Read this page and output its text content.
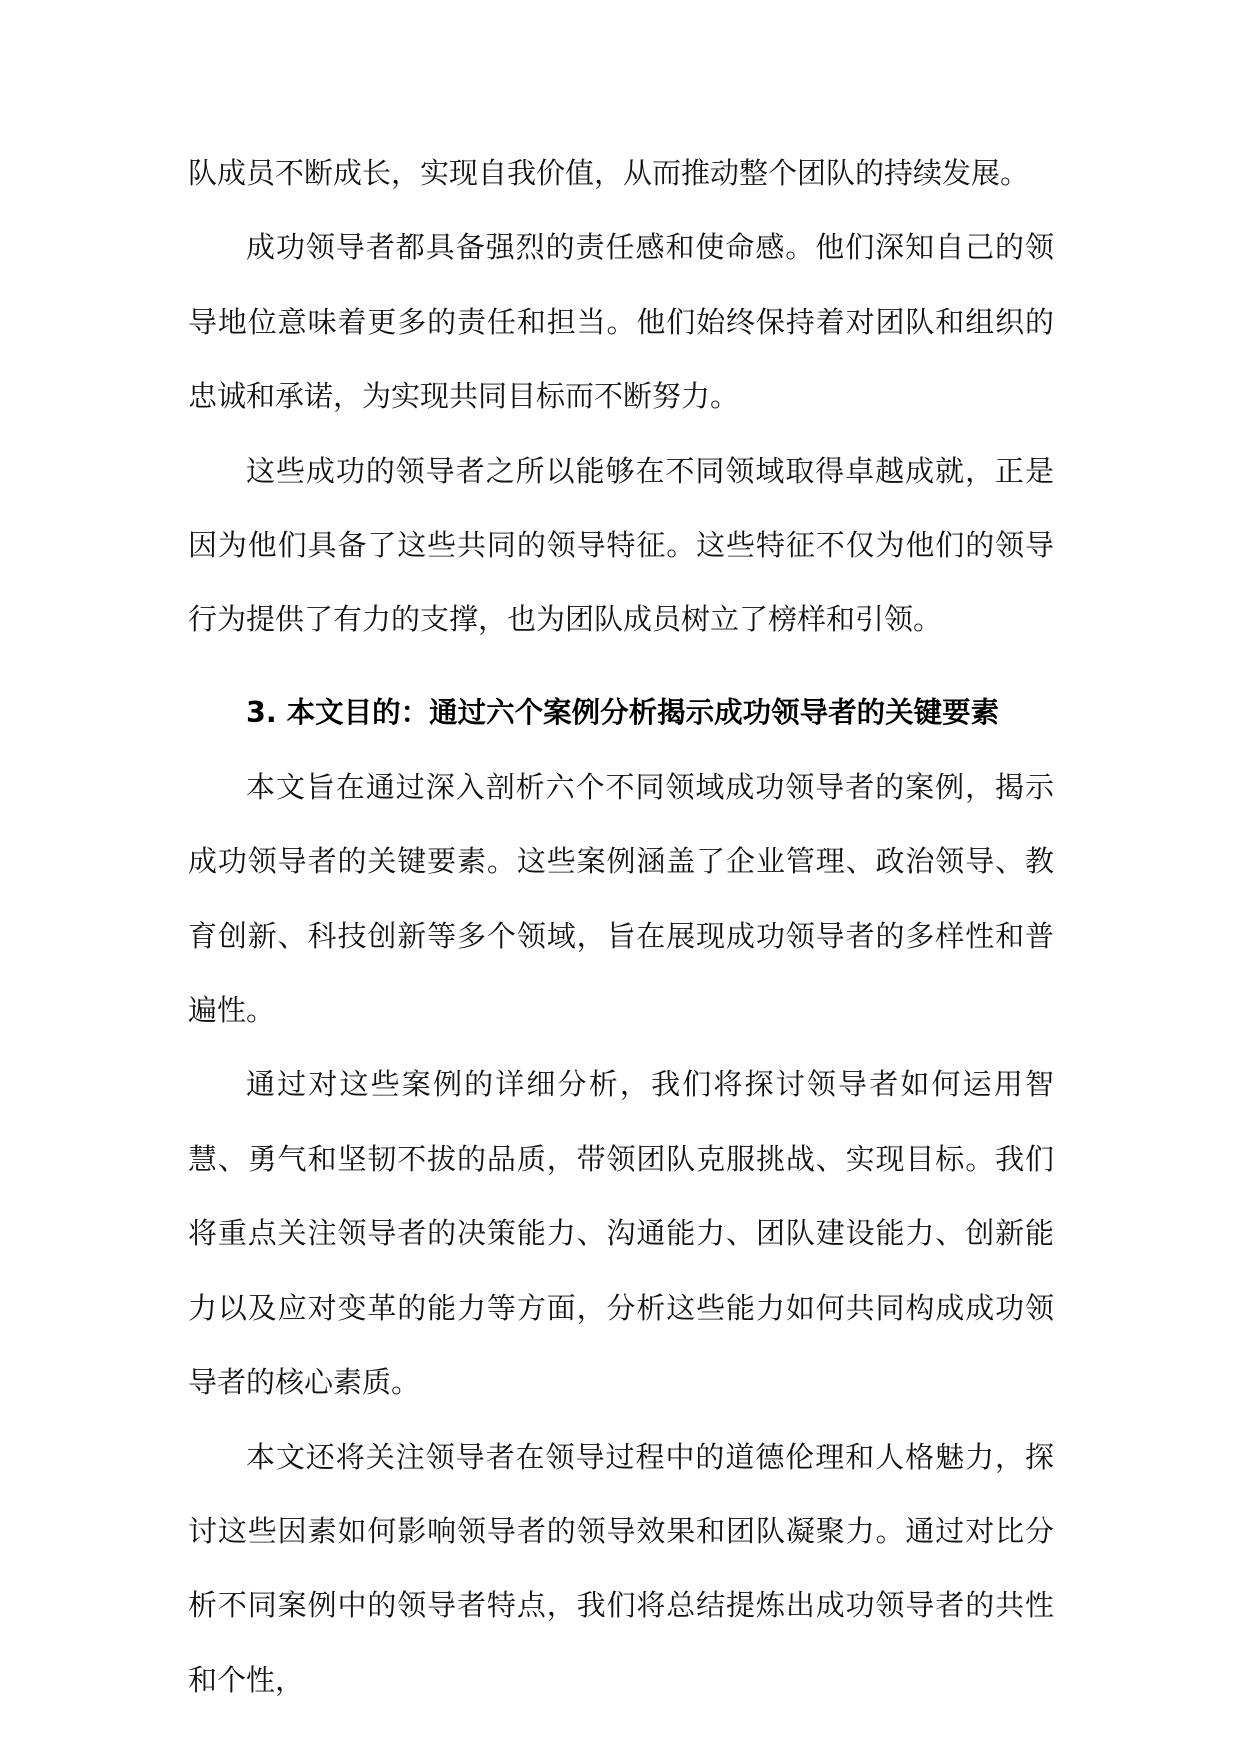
队成员不断成长，实现自我价值，从而推动整个团队的持续发展。

成功领导者都具备强烈的责任感和使命感。他们深知自己的领导地位意味着更多的责任和担当。他们始终保持着对团队和组织的忠诚和承诺，为实现共同目标而不断努力。

这些成功的领导者之所以能够在不同领域取得卓越成就，正是因为他们具备了这些共同的领导特征。这些特征不仅为他们的领导行为提供了有力的支撑，也为团队成员树立了榜样和引领。

3. 本文目的：通过六个案例分析揭示成功领导者的关键要素

本文旨在通过深入剖析六个不同领域成功领导者的案例，揭示成功领导者的关键要素。这些案例涵盖了企业管理、政治领导、教育创新、科技创新等多个领域，旨在展现成功领导者的多样性和普遍性。

通过对这些案例的详细分析，我们将探讨领导者如何运用智慧、勇气和坚韧不拔的品质，带领团队克服挑战、实现目标。我们将重点关注领导者的决策能力、沟通能力、团队建设能力、创新能力以及应对变革的能力等方面，分析这些能力如何共同构成成功领导者的核心素质。

本文还将关注领导者在领导过程中的道德伦理和人格魅力，探讨这些因素如何影响领导者的领导效果和团队凝聚力。通过对比分析不同案例中的领导者特点，我们将总结提炼出成功领导者的共性和个性，
